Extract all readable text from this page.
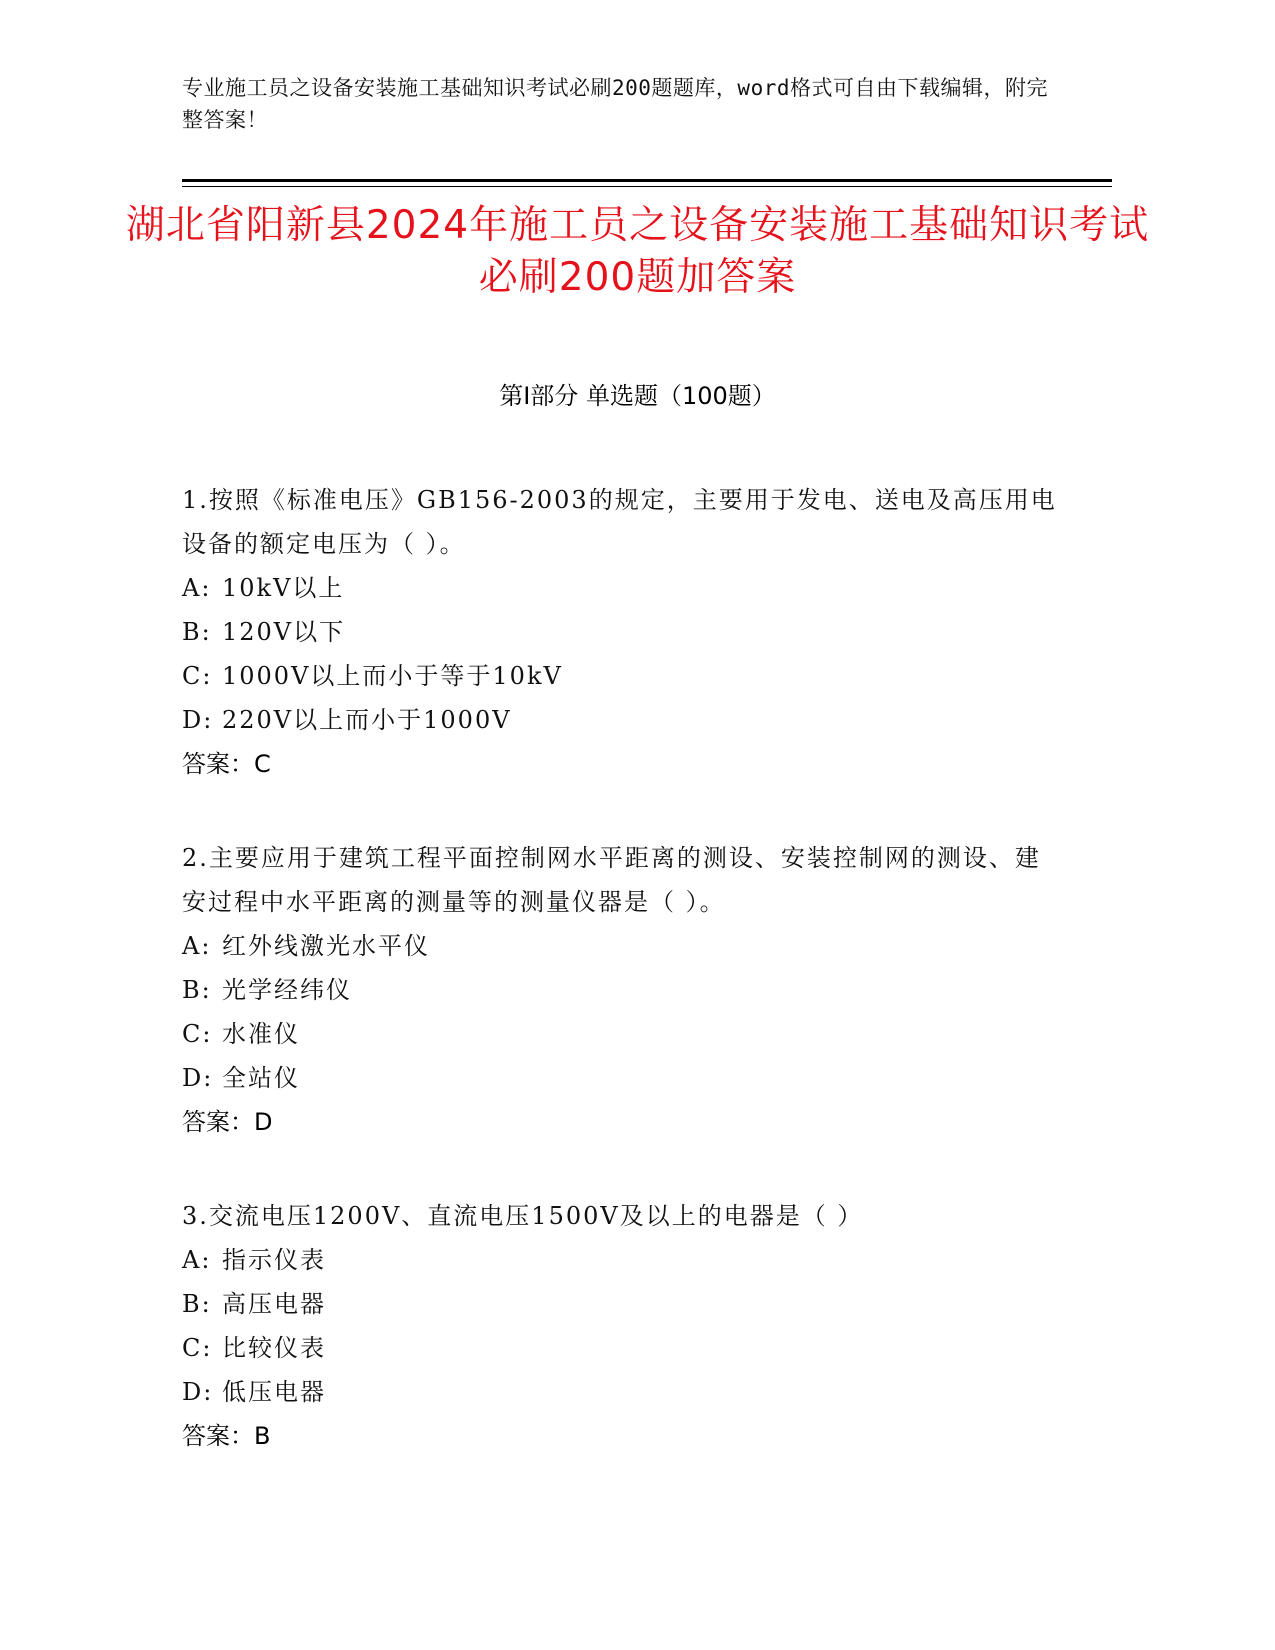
专业施工员之设备安装施工基础知识考试必刷200题题库，word格式可自由下载编辑，附完整答案！
湖北省阳新县2024年施工员之设备安装施工基础知识考试必刷200题加答案
第Ⅰ部分 单选题（100题）
1.按照《标准电压》GB156-2003的规定，主要用于发电、送电及高压用电设备的额定电压为（ ）。
A: 10kV以上
B: 120V以下
C: 1000V以上而小于等于10kV
D: 220V以上而小于1000V
答案：C
2.主要应用于建筑工程平面控制网水平距离的测设、安装控制网的测设、建安过程中水平距离的测量等的测量仪器是（ ）。
A: 红外线激光水平仪
B: 光学经纬仪
C: 水准仪
D: 全站仪
答案：D
3.交流电压1200V、直流电压1500V及以上的电器是（ ）
A: 指示仪表
B: 高压电器
C: 比较仪表
D: 低压电器
答案：B
